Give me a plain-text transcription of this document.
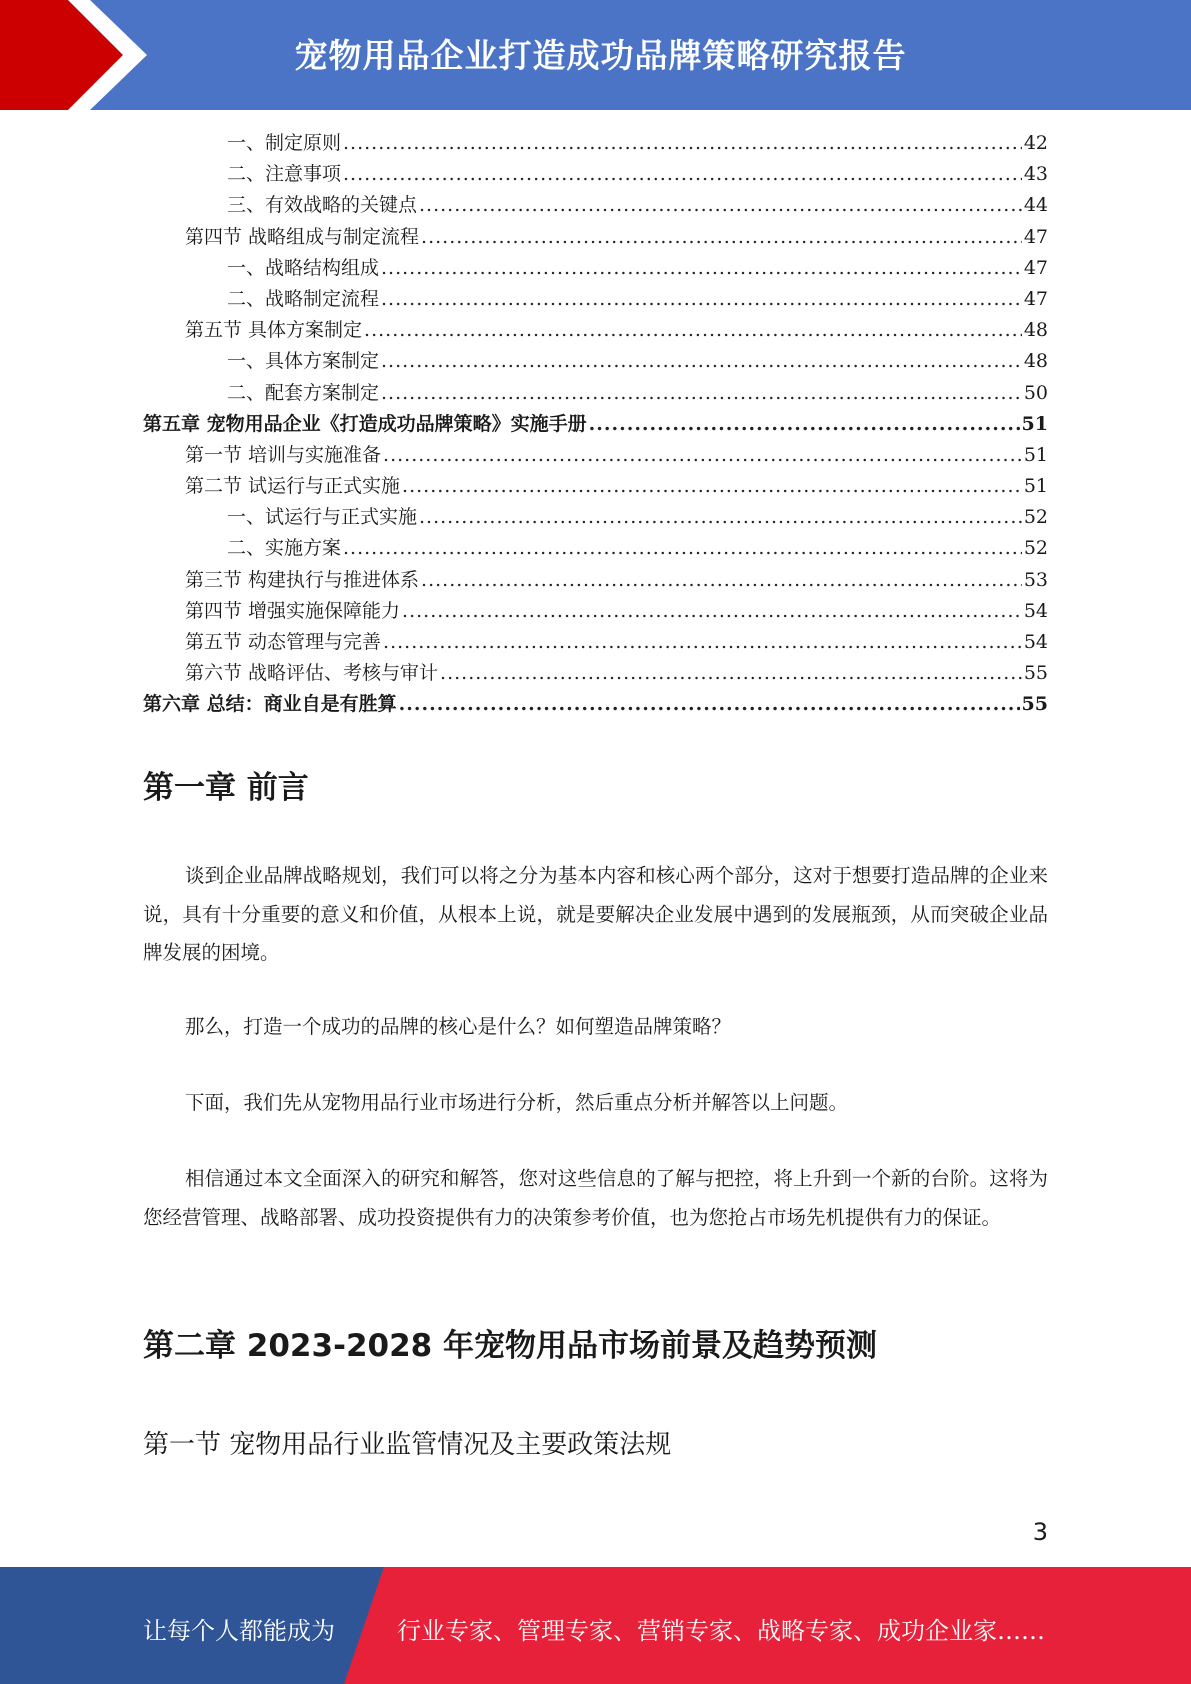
宠物用品企业打造成功品牌策略研究报告
一、制定原则 .....	42
二、注意事项 .....	43
三、有效战略的关键点 .....	44
第四节 战略组成与制定流程 .....	47
一、战略结构组成 .....	47
二、战略制定流程 .....	47
第五节 具体方案制定 .....	48
一、具体方案制定 .....	48
二、配套方案制定 .....	50
第五章 宠物用品企业《打造成功品牌策略》实施手册 .....	51
第一节 培训与实施准备 .....	51
第二节 试运行与正式实施 .....	51
一、试运行与正式实施 .....	52
二、实施方案 .....	52
第三节 构建执行与推进体系 .....	53
第四节 增强实施保障能力 .....	54
第五节 动态管理与完善 .....	54
第六节 战略评估、考核与审计 .....	55
第六章 总结：商业自是有胜算 .....	55
第一章 前言

谈到企业品牌战略规划，我们可以将之分为基本内容和核心两个部分，这对于想要打造品牌的企业来说，具有十分重要的意义和价值，从根本上说，就是要解决企业发展中遇到的发展瓶颈，从而突破企业品牌发展的困境。

那么，打造一个成功的品牌的核心是什么？如何塑造品牌策略？

下面，我们先从宠物用品行业市场进行分析，然后重点分析并解答以上问题。

相信通过本文全面深入的研究和解答，您对这些信息的了解与把控，将上升到一个新的台阶。这将为您经营管理、战略部署、成功投资提供有力的决策参考价值，也为您抢占市场先机提供有力的保证。

第二章 2023-2028 年宠物用品市场前景及趋势预测
第一节 宠物用品行业监管情况及主要政策法规
3
让每个人都能成为	行业专家、管理专家、营销专家、战略专家、成功企业家……
